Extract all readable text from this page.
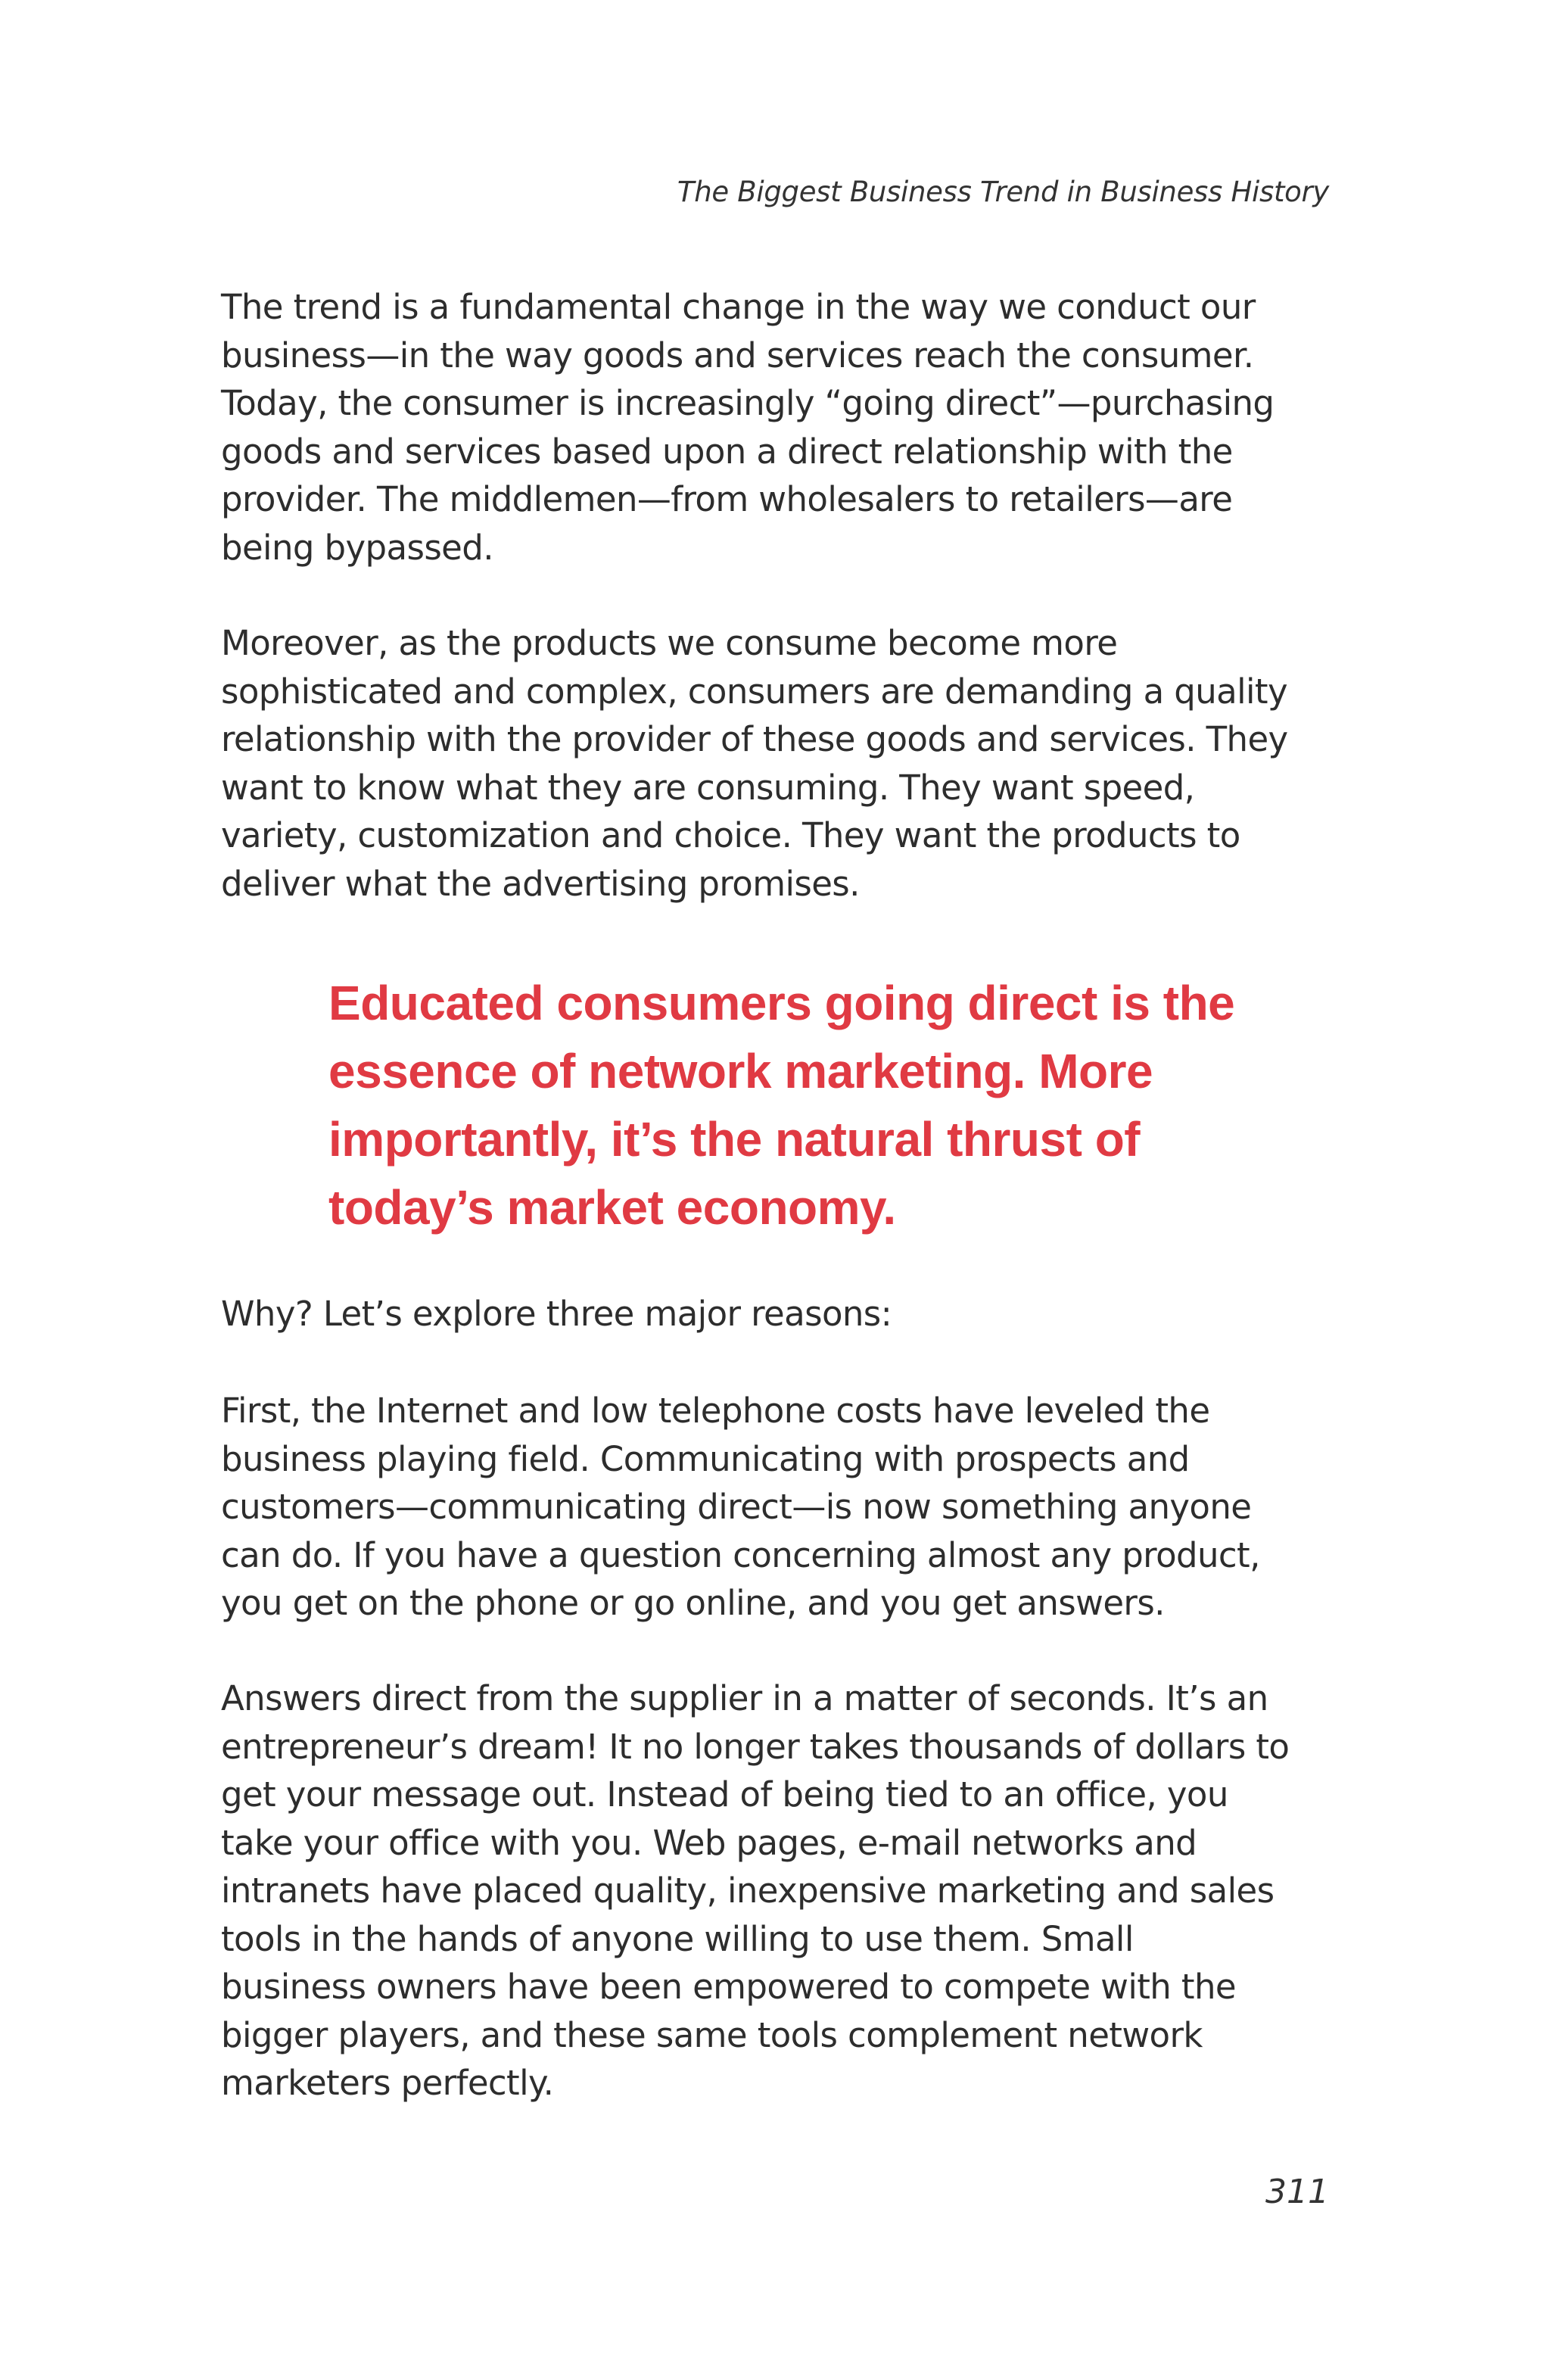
The Biggest Business Trend in Business History

The trend is a fundamental change in the way we conduct our
business—in the way goods and services reach the consumer.
Today, the consumer is increasingly “going direct”—purchasing
goods and services based upon a direct relationship with the
provider. The middlemen—from wholesalers to retailers—are
being bypassed.

Moreover, as the products we consume become more
sophisticated and complex, consumers are demanding a quality
relationship with the provider of these goods and services. They
want to know what they are consuming. They want speed,
variety, customization and choice. They want the products to
deliver what the advertising promises.

Educated consumers going direct is the
essence of network marketing. More
importantly, it’s the natural thrust of
today’s market economy.

Why? Let’s explore three major reasons:

First, the Internet and low telephone costs have leveled the
business playing field. Communicating with prospects and
customers—communicating direct—is now something anyone
can do. If you have a question concerning almost any product,
you get on the phone or go online, and you get answers.

Answers direct from the supplier in a matter of seconds. It’s an
entrepreneur’s dream! It no longer takes thousands of dollars to
get your message out. Instead of being tied to an office, you
take your office with you. Web pages, e-mail networks and
intranets have placed quality, inexpensive marketing and sales
tools in the hands of anyone willing to use them. Small
business owners have been empowered to compete with the
bigger players, and these same tools complement network
marketers perfectly.

311
